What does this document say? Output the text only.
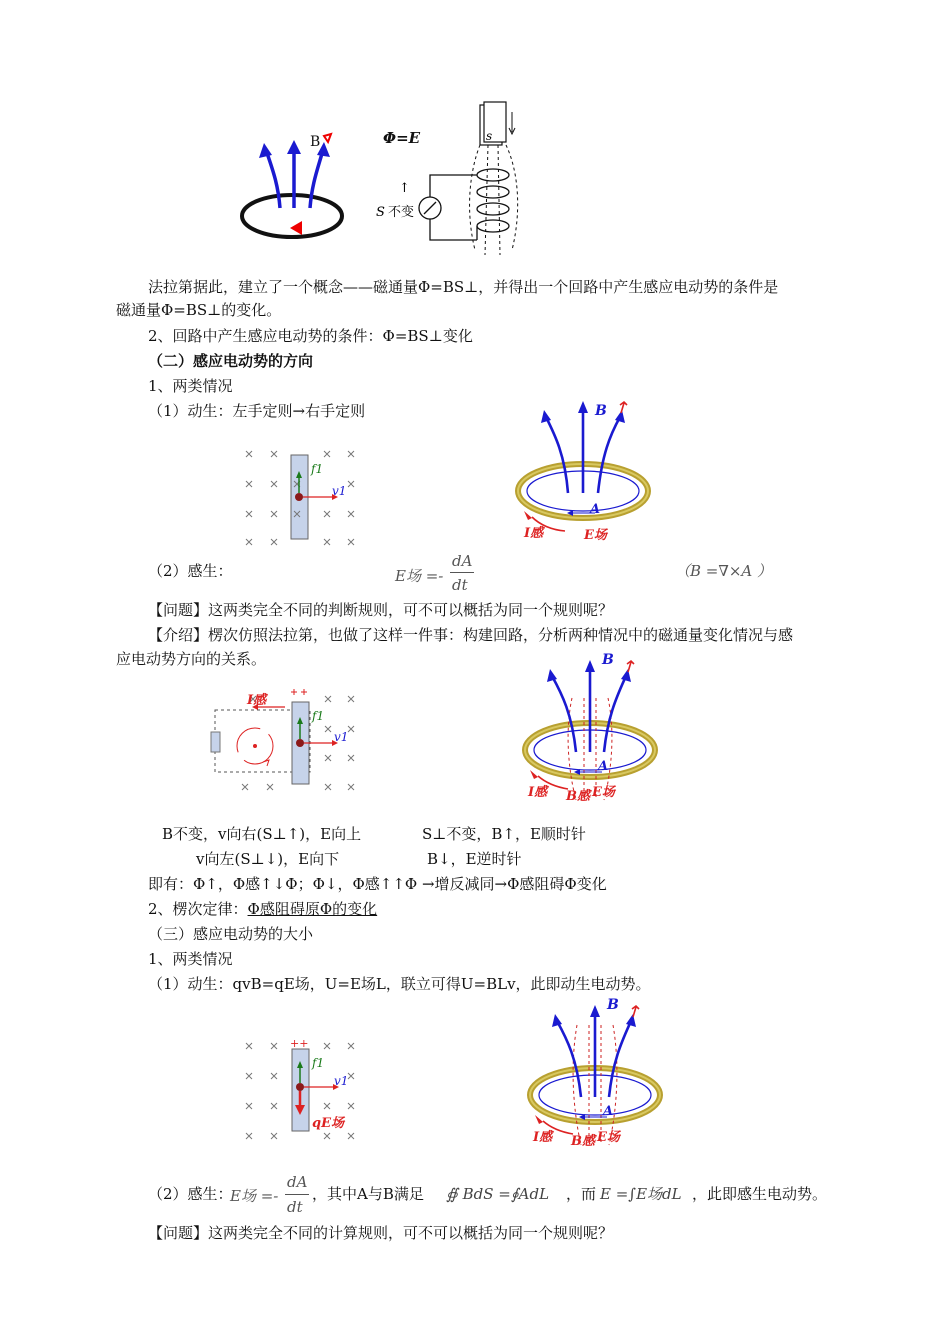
B	Φ=E	s
↑
S 不变
法拉第据此，建立了一个概念——磁通量Φ=BS⊥，并得出一个回路中产生感应电动势的条件是
磁通量Φ=BS⊥的变化。
2、回路中产生感应电动势的条件：Φ=BS⊥变化
（二）感应电动势的方向
1、两类情况
（1）动生：左手定则→右手定则
f1
v1
B
A
I感	E场
（2）感生：	E场 =-
dA
dt
（B =∇×A ）
【问题】这两类完全不同的判断规则，可不可以概括为同一个规则呢？
【介绍】楞次仿照法拉第，也做了这样一件事：构建回路，分析两种情况中的磁通量变化情况与感
应电动势方向的关系。
f1
v1
I感
B
A
I感 B感 E场
B不变，v向右(S⊥↑)，E向上	S⊥不变，B↑，E顺时针
v向左(S⊥↓)，E向下	B↓，E逆时针
即有：Φ↑，Φ感↑↓Φ；Φ↓，Φ感↑↑Φ →增反减同→Φ感阻碍Φ变化
2、楞次定律：Φ感阻碍原Φ的变化
（三）感应电动势的大小
1、两类情况
（1）动生：qvB=qE场，U=E场L，联立可得U=BLv，此即动生电动势。
++
f1
v1
qE场
B
A
I感 B感 E场
（2）感生：
E场 =-
dA
dt
，其中A与B满足 ∯ BdS =∮AdL ，而 E =∫E场dL ，此即感生电动势。
【问题】这两类完全不同的计算规则，可不可以概括为同一个规则呢？
